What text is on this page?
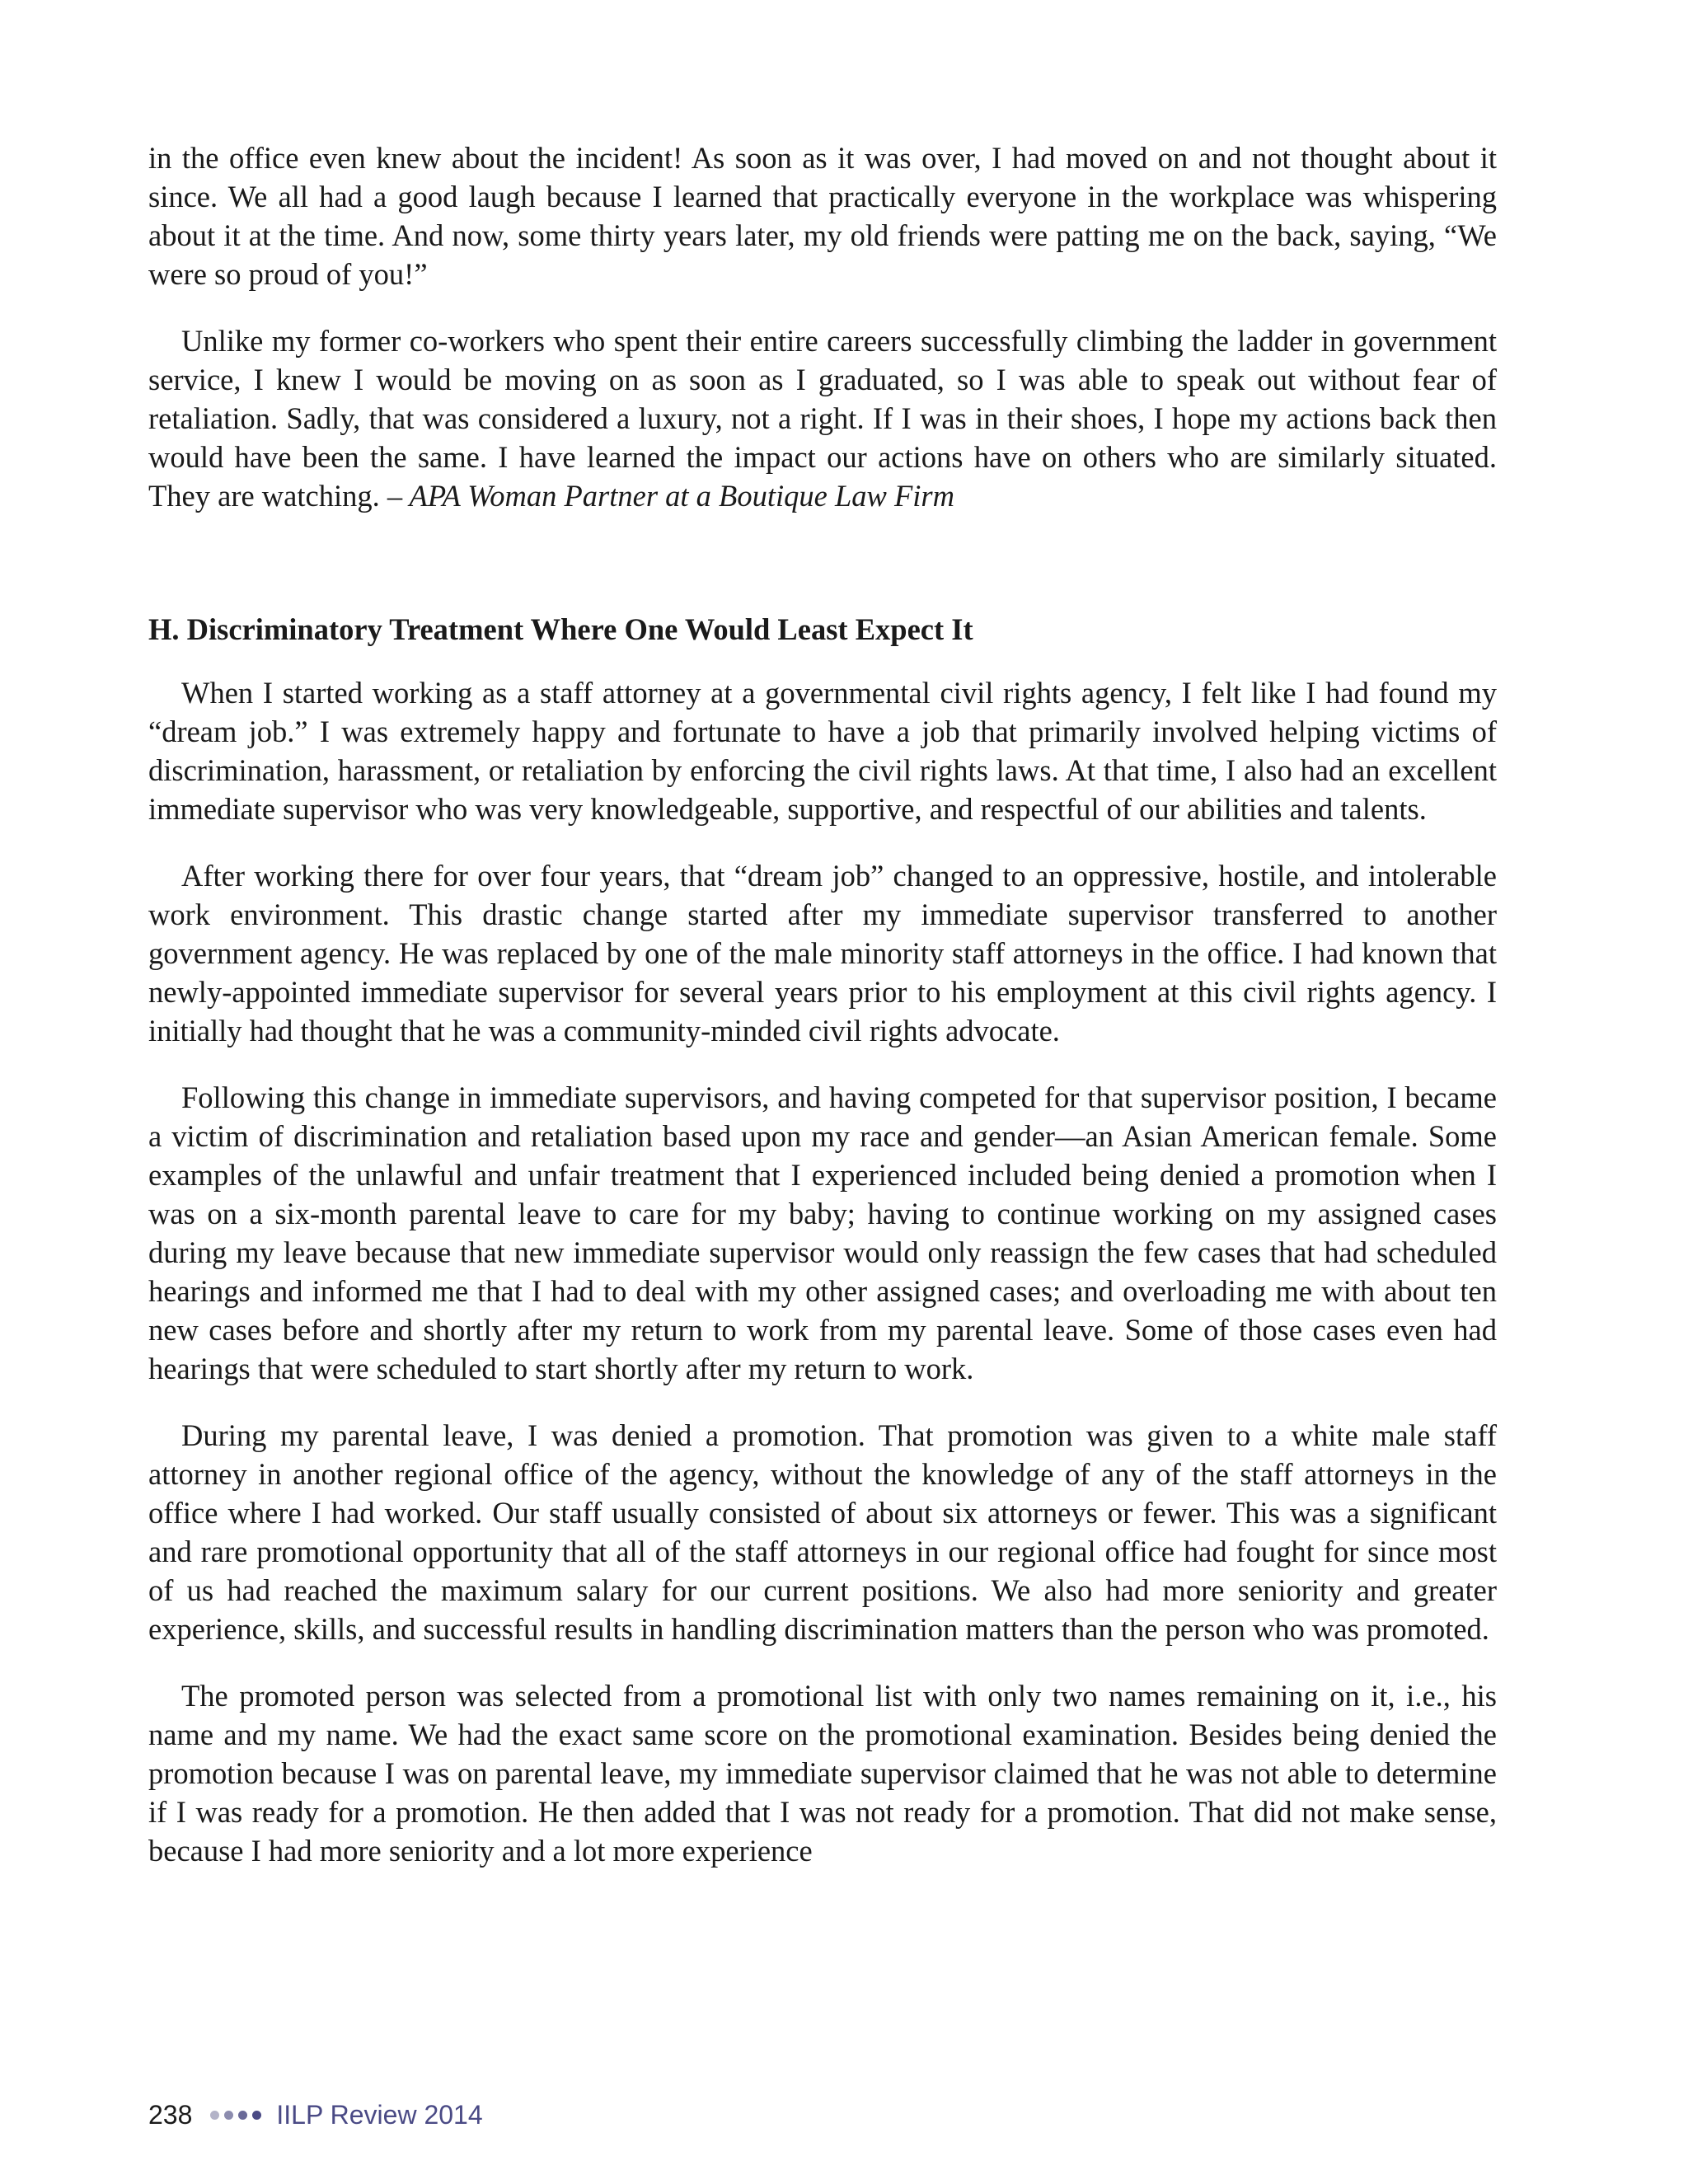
in the office even knew about the incident! As soon as it was over, I had moved on and not thought about it since. We all had a good laugh because I learned that practically everyone in the workplace was whispering about it at the time. And now, some thirty years later, my old friends were patting me on the back, saying, “We were so proud of you!”

Unlike my former co-workers who spent their entire careers successfully climbing the ladder in government service, I knew I would be moving on as soon as I graduated, so I was able to speak out without fear of retaliation. Sadly, that was considered a luxury, not a right. If I was in their shoes, I hope my actions back then would have been the same. I have learned the impact our actions have on others who are similarly situated. They are watching. – APA Woman Partner at a Boutique Law Firm

H. Discriminatory Treatment Where One Would Least Expect It

When I started working as a staff attorney at a governmental civil rights agency, I felt like I had found my “dream job.” I was extremely happy and fortunate to have a job that primarily involved helping victims of discrimination, harassment, or retaliation by enforcing the civil rights laws. At that time, I also had an excellent immediate supervisor who was very knowledgeable, supportive, and respectful of our abilities and talents.

After working there for over four years, that “dream job” changed to an oppressive, hostile, and intolerable work environment. This drastic change started after my immediate supervisor transferred to another government agency. He was replaced by one of the male minority staff attorneys in the office. I had known that newly-appointed immediate supervisor for several years prior to his employment at this civil rights agency. I initially had thought that he was a community-minded civil rights advocate.

Following this change in immediate supervisors, and having competed for that supervisor position, I became a victim of discrimination and retaliation based upon my race and gender—an Asian American female. Some examples of the unlawful and unfair treatment that I experienced included being denied a promotion when I was on a six-month parental leave to care for my baby; having to continue working on my assigned cases during my leave because that new immediate supervisor would only reassign the few cases that had scheduled hearings and informed me that I had to deal with my other assigned cases; and overloading me with about ten new cases before and shortly after my return to work from my parental leave. Some of those cases even had hearings that were scheduled to start shortly after my return to work.

During my parental leave, I was denied a promotion. That promotion was given to a white male staff attorney in another regional office of the agency, without the knowledge of any of the staff attorneys in the office where I had worked. Our staff usually consisted of about six attorneys or fewer. This was a significant and rare promotional opportunity that all of the staff attorneys in our regional office had fought for since most of us had reached the maximum salary for our current positions. We also had more seniority and greater experience, skills, and successful results in handling discrimination matters than the person who was promoted.

The promoted person was selected from a promotional list with only two names remaining on it, i.e., his name and my name. We had the exact same score on the promotional examination. Besides being denied the promotion because I was on parental leave, my immediate supervisor claimed that he was not able to determine if I was ready for a promotion. He then added that I was not ready for a promotion. That did not make sense, because I had more seniority and a lot more experience

238	IILP Review 2014
